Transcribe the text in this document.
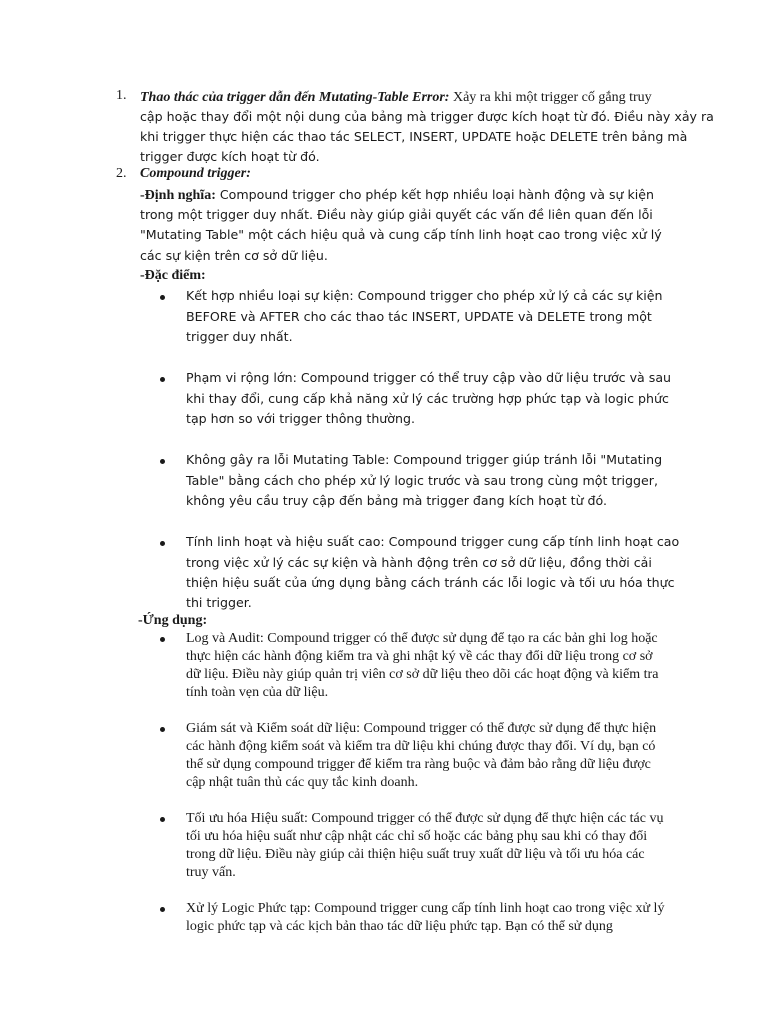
1. Thao thác của trigger dẫn đến Mutating-Table Error: Xảy ra khi một trigger cố gắng truy
cập hoặc thay đổi một nội dung của bảng mà trigger được kích hoạt từ đó. Điều này xảy ra
khi trigger thực hiện các thao tác SELECT, INSERT, UPDATE hoặc DELETE trên bảng mà
trigger được kích hoạt từ đó.
2. Compound trigger:
-Định nghĩa: Compound trigger cho phép kết hợp nhiều loại hành động và sự kiện
trong một trigger duy nhất. Điều này giúp giải quyết các vấn đề liên quan đến lỗi
"Mutating Table" một cách hiệu quả và cung cấp tính linh hoạt cao trong việc xử lý
các sự kiện trên cơ sở dữ liệu.
-Đặc điểm:
Kết hợp nhiều loại sự kiện: Compound trigger cho phép xử lý cả các sự kiện
BEFORE và AFTER cho các thao tác INSERT, UPDATE và DELETE trong một
trigger duy nhất.
Phạm vi rộng lớn: Compound trigger có thể truy cập vào dữ liệu trước và sau
khi thay đổi, cung cấp khả năng xử lý các trường hợp phức tạp và logic phức
tạp hơn so với trigger thông thường.
Không gây ra lỗi Mutating Table: Compound trigger giúp tránh lỗi "Mutating
Table" bằng cách cho phép xử lý logic trước và sau trong cùng một trigger,
không yêu cầu truy cập đến bảng mà trigger đang kích hoạt từ đó.
Tính linh hoạt và hiệu suất cao: Compound trigger cung cấp tính linh hoạt cao
trong việc xử lý các sự kiện và hành động trên cơ sở dữ liệu, đồng thời cải
thiện hiệu suất của ứng dụng bằng cách tránh các lỗi logic và tối ưu hóa thực
thi trigger.
-Ứng dụng:
Log và Audit: Compound trigger có thể được sử dụng để tạo ra các bản ghi log hoặc
thực hiện các hành động kiểm tra và ghi nhật ký về các thay đổi dữ liệu trong cơ sở
dữ liệu. Điều này giúp quản trị viên cơ sở dữ liệu theo dõi các hoạt động và kiểm tra
tính toàn vẹn của dữ liệu.
Giám sát và Kiểm soát dữ liệu: Compound trigger có thể được sử dụng để thực hiện
các hành động kiểm soát và kiểm tra dữ liệu khi chúng được thay đổi. Ví dụ, bạn có
thể sử dụng compound trigger để kiểm tra ràng buộc và đảm bảo rằng dữ liệu được
cập nhật tuân thủ các quy tắc kinh doanh.
Tối ưu hóa Hiệu suất: Compound trigger có thể được sử dụng để thực hiện các tác vụ
tối ưu hóa hiệu suất như cập nhật các chỉ số hoặc các bảng phụ sau khi có thay đổi
trong dữ liệu. Điều này giúp cải thiện hiệu suất truy xuất dữ liệu và tối ưu hóa các
truy vấn.
Xử lý Logic Phức tạp: Compound trigger cung cấp tính linh hoạt cao trong việc xử lý
logic phức tạp và các kịch bản thao tác dữ liệu phức tạp. Bạn có thể sử dụng
